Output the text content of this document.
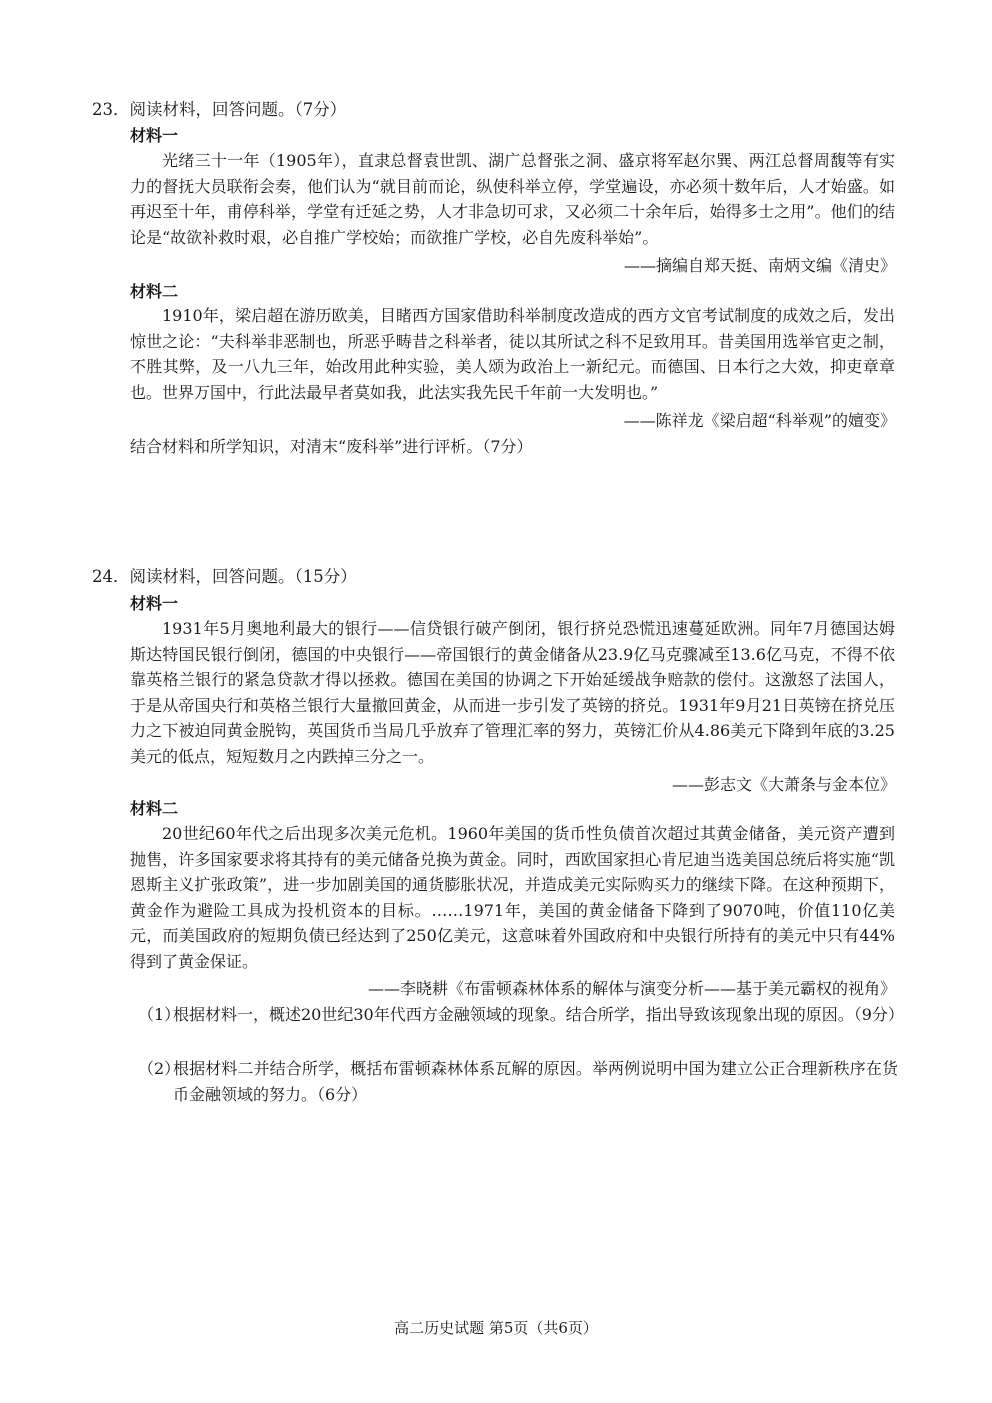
23．阅读材料，回答问题。（7分）
材料一

光绪三十一年（1905年），直隶总督袁世凯、湖广总督张之洞、盛京将军赵尔巽、两江总督周馥等有实力的督抚大员联衔会奏，他们认为“就目前而论，纵使科举立停，学堂遍设，亦必须十数年后，人才始盛。如再迟至十年，甫停科举，学堂有迁延之势，人才非急切可求，又必须二十余年后，始得多士之用”。他们的结论是“故欲补救时艰，必自推广学校始；而欲推广学校，必自先废科举始”。

——摘编自郑天挺、南炳文编《清史》
材料二

1910年，梁启超在游历欧美，目睹西方国家借助科举制度改造成的西方文官考试制度的成效之后，发出惊世之论：“夫科举非恶制也，所恶乎畴昔之科举者，徒以其所试之科不足致用耳。昔美国用选举官吏之制，不胜其弊，及一八九三年，始改用此种实验，美人颂为政治上一新纪元。而德国、日本行之大效，抑吏章章也。世界万国中，行此法最早者莫如我，此法实我先民千年前一大发明也。”

——陈祥龙《梁启超“科举观”的嬗变》
结合材料和所学知识，对清末“废科举”进行评析。（7分）
24．阅读材料，回答问题。（15分）
材料一

1931年5月奥地利最大的银行——信贷银行破产倒闭，银行挤兑恐慌迅速蔓延欧洲。同年7月德国达姆斯达特国民银行倒闭，德国的中央银行——帝国银行的黄金储备从23.9亿马克骤减至13.6亿马克，不得不依靠英格兰银行的紧急贷款才得以拯救。德国在美国的协调之下开始延缓战争赔款的偿付。这激怒了法国人，于是从帝国央行和英格兰银行大量撤回黄金，从而进一步引发了英镑的挤兑。1931年9月21日英镑在挤兑压力之下被迫同黄金脱钩，英国货币当局几乎放弃了管理汇率的努力，英镑汇价从4.86美元下降到年底的3.25美元的低点，短短数月之内跌掉三分之一。

——彭志文《大萧条与金本位》
材料二

20世纪60年代之后出现多次美元危机。1960年美国的货币性负债首次超过其黄金储备，美元资产遭到抛售，许多国家要求将其持有的美元储备兑换为黄金。同时，西欧国家担心肯尼迪当选美国总统后将实施“凯恩斯主义扩张政策”，进一步加剧美国的通货膨胀状况，并造成美元实际购买力的继续下降。在这种预期下，黄金作为避险工具成为投机资本的目标。……1971年，美国的黄金储备下降到了9070吨，价值110亿美元，而美国政府的短期负债已经达到了250亿美元，这意味着外国政府和中央银行所持有的美元中只有44%得到了黄金保证。

——李晓耕《布雷顿森林体系的解体与演变分析——基于美元霸权的视角》
（1）
根据材料一，概述20世纪30年代西方金融领域的现象。结合所学，指出导致该现象出现的原因。（9分）
（2）
根据材料二并结合所学，概括布雷顿森林体系瓦解的原因。举两例说明中国为建立公正合理新秩序在货币金融领域的努力。（6分）
高二历史试题 第5页（共6页）
